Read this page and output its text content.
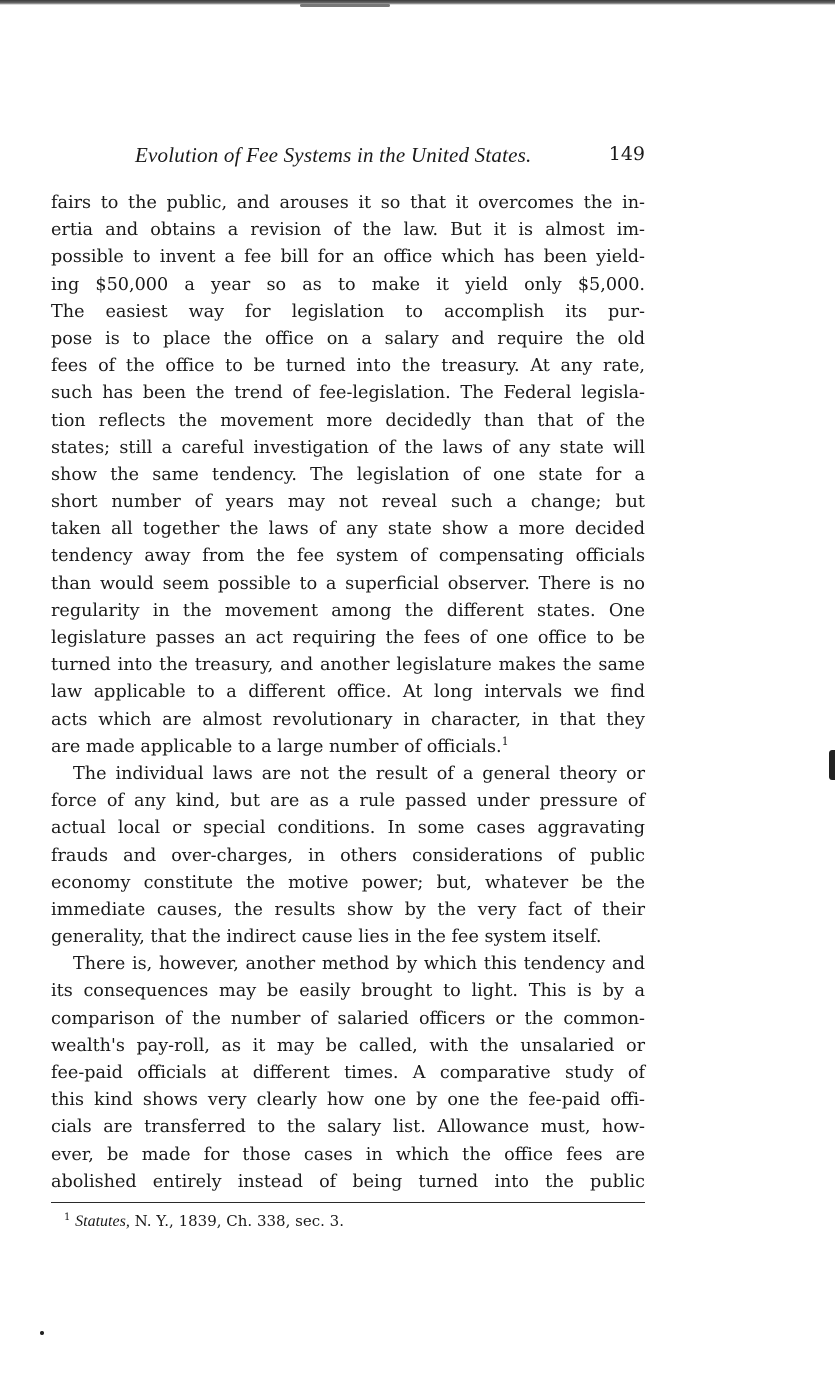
Evolution of Fee Systems in the United States.	149
fairs to the public, and arouses it so that it overcomes the in-
ertia and obtains a revision of the law. But it is almost im-
possible to invent a fee bill for an office which has been yield-
ing $50,000 a year so as to make it yield only $5,000.
The easiest way for legislation to accomplish its pur-
pose is to place the office on a salary and require the old
fees of the office to be turned into the treasury. At any rate,
such has been the trend of fee-legislation. The Federal legisla-
tion reflects the movement more decidedly than that of the
states; still a careful investigation of the laws of any state will
show the same tendency. The legislation of one state for a
short number of years may not reveal such a change; but
taken all together the laws of any state show a more decided
tendency away from the fee system of compensating officials
than would seem possible to a superficial observer. There is no
regularity in the movement among the different states. One
legislature passes an act requiring the fees of one office to be
turned into the treasury, and another legislature makes the same
law applicable to a different office. At long intervals we find
acts which are almost revolutionary in character, in that they
are made applicable to a large number of officials.$^1$
The individual laws are not the result of a general theory or
force of any kind, but are as a rule passed under pressure of
actual local or special conditions. In some cases aggravating
frauds and over-charges, in others considerations of public
economy constitute the motive power; but, whatever be the
immediate causes, the results show by the very fact of their
generality, that the indirect cause lies in the fee system itself.
There is, however, another method by which this tendency and
its consequences may be easily brought to light. This is by a
comparison of the number of salaried officers or the common-
wealth's pay-roll, as it may be called, with the unsalaried or
fee-paid officials at different times. A comparative study of
this kind shows very clearly how one by one the fee-paid offi-
cials are transferred to the salary list. Allowance must, how-
ever, be made for those cases in which the office fees are
abolished entirely instead of being turned into the public
$^1$ Statutes, N. Y., 1839, Ch. 338, sec. 3.
